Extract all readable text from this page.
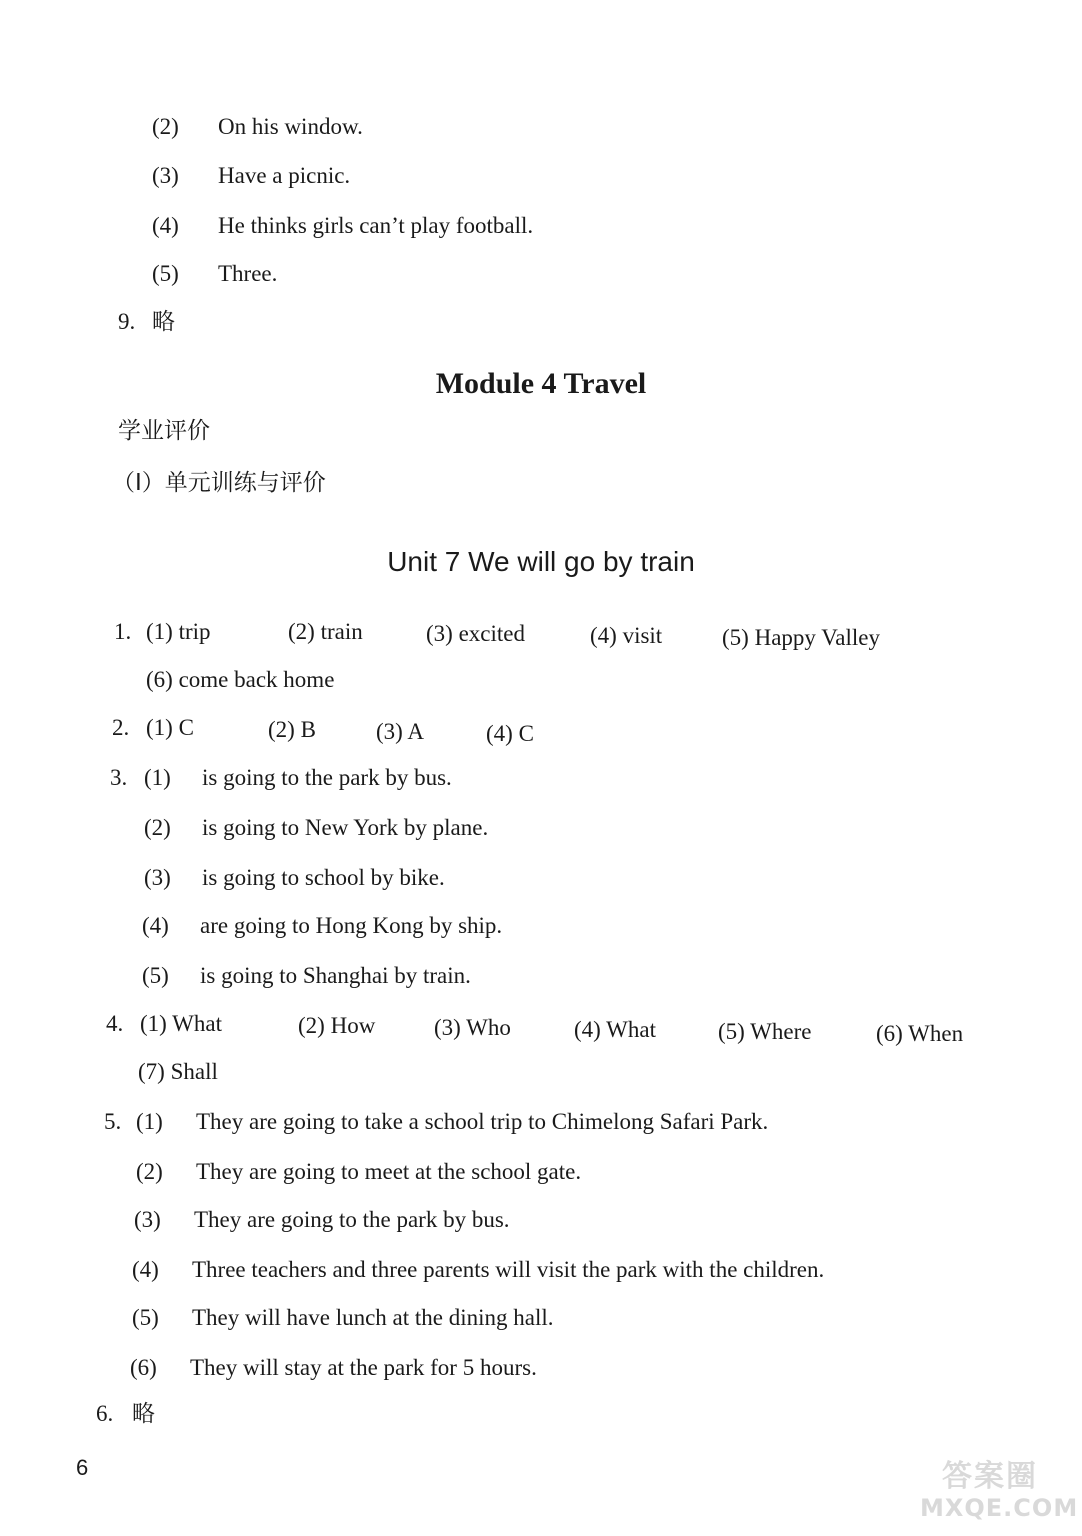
(2) On his window.
(3) Have a picnic.
(4) He thinks girls can’t play football.
(5) Three.
9. 略
Module 4 Travel
学业评价
（Ⅰ）单元训练与评价
Unit 7 We will go by train
1. (1) trip	(2) train	(3) excited	(4) visit	(5) Happy Valley
(6) come back home
2. (1) C	(2) B	(3) A	(4) C
3. (1) is going to the park by bus.
(2) is going to New York by plane.
(3) is going to school by bike.
(4) are going to Hong Kong by ship.
(5) is going to Shanghai by train.
4. (1) What	(2) How	(3) Who	(4) What	(5) Where	(6) When
(7) Shall
5. (1) They are going to take a school trip to Chimelong Safari Park.
(2) They are going to meet at the school gate.
(3) They are going to the park by bus.
(4) Three teachers and three parents will visit the park with the children.
(5) They will have lunch at the dining hall.
(6) They will stay at the park for 5 hours.
6. 略
6	答案圈
MXQE.COM
